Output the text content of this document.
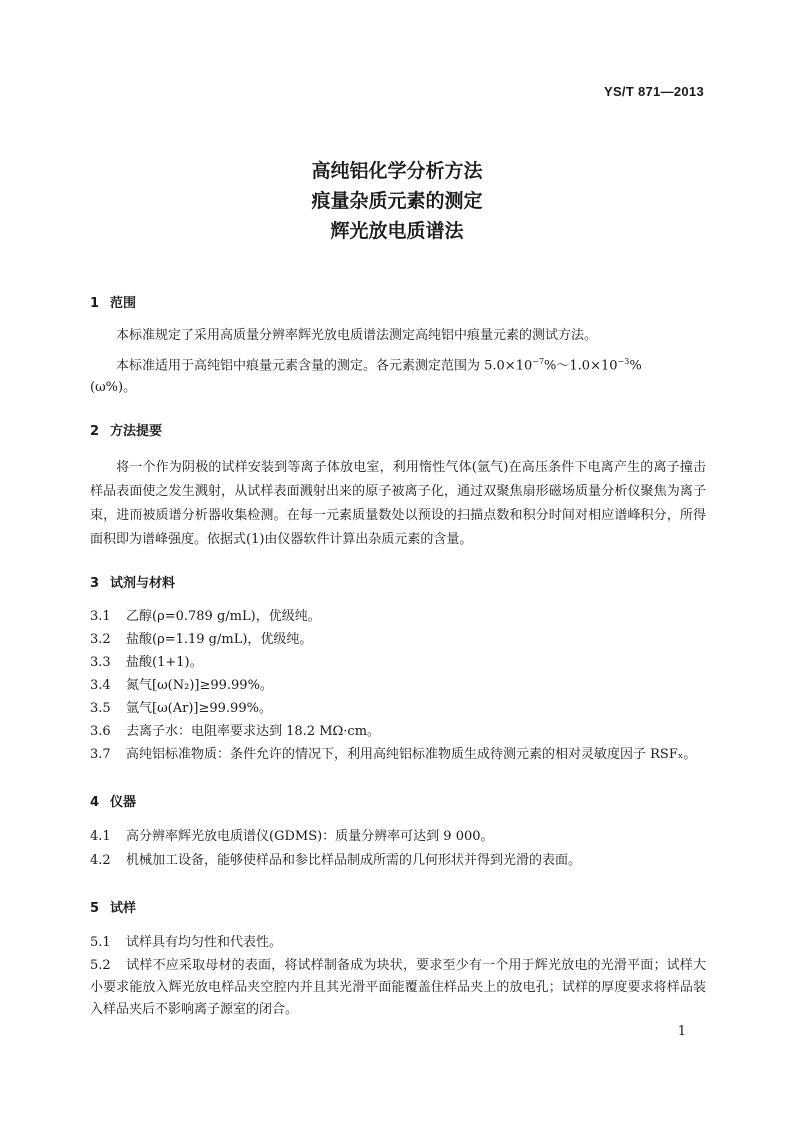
YS/T 871—2013
高纯铝化学分析方法
痕量杂质元素的测定
辉光放电质谱法
1 范围
本标准规定了采用高质量分辨率辉光放电质谱法测定高纯铝中痕量元素的测试方法。
本标准适用于高纯铝中痕量元素含量的测定。各元素测定范围为 $5.0\times 10^{-7}\%\sim 1.0\times 10^{-3}\%$
(ω%)。
2 方法提要
将一个作为阴极的试样安装到等离子体放电室，利用惰性气体(氩气)在高压条件下电离产生的离子撞击样品表面使之发生溅射，从试样表面溅射出来的原子被离子化，通过双聚焦扇形磁场质量分析仪聚焦为离子束，进而被质谱分析器收集检测。在每一元素质量数处以预设的扫描点数和积分时间对相应谱峰积分，所得面积即为谱峰强度。依据式(1)由仪器软件计算出杂质元素的含量。
3 试剂与材料
3.1 乙醇(ρ=0.789 g/mL)，优级纯。
3.2 盐酸(ρ=1.19 g/mL)，优级纯。
3.3 盐酸(1+1)。
3.4 氮气[ω(N₂)]≥99.99%。
3.5 氩气[ω(Ar)]≥99.99%。
3.6 去离子水：电阻率要求达到 18.2 MΩ·cm。
3.7 高纯铝标准物质：条件允许的情况下，利用高纯铝标准物质生成待测元素的相对灵敏度因子 RSFₓ。
4 仪器
4.1 高分辨率辉光放电质谱仪(GDMS)：质量分辨率可达到 9 000。
4.2 机械加工设备，能够使样品和参比样品制成所需的几何形状并得到光滑的表面。
5 试样
5.1 试样具有均匀性和代表性。
5.2 试样不应采取母材的表面，将试样制备成为块状，要求至少有一个用于辉光放电的光滑平面；试样大小要求能放入辉光放电样品夹空腔内并且其光滑平面能覆盖住样品夹上的放电孔；试样的厚度要求将样品装入样品夹后不影响离子源室的闭合。
1
